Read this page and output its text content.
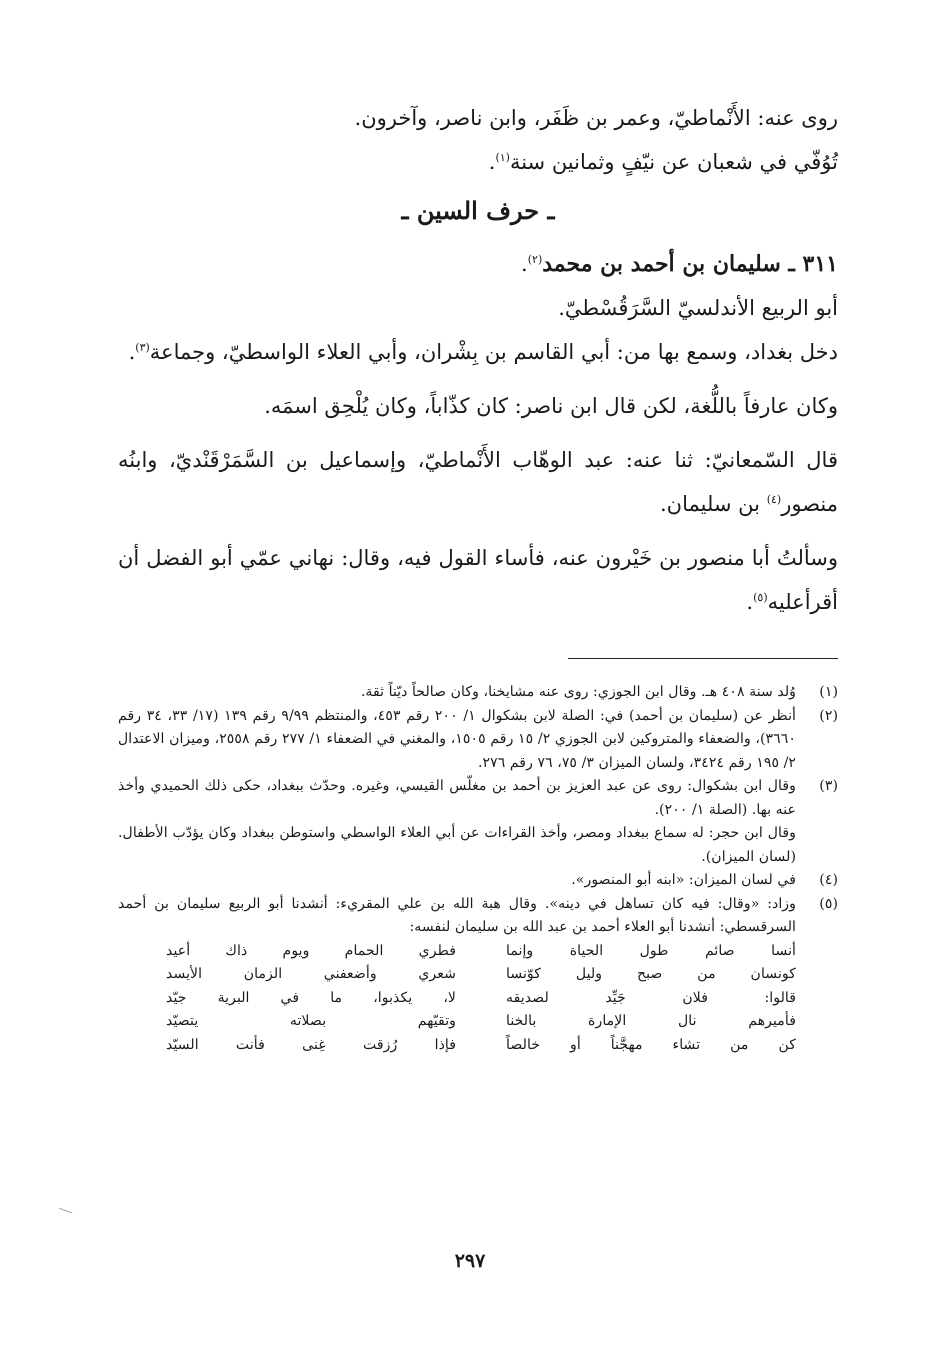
روى عنه: الأَنْماطيّ، وعمر بن ظَفَر، وابن ناصر، وآخرون.

تُوُفّي في شعبان عن نيّفٍ وثمانين سنة$^{(١)}$.

ـ حرف السين ـ

٣١١ ـ سليمان بن أحمد بن محمد$^{(٢)}$.

أبو الربيع الأندلسيّ السَّرَقُسْطيّ.

دخل بغداد، وسمع بها من: أبي القاسم بن بِشْران، وأبي العلاء الواسطيّ، وجماعة$^{(٣)}$.

وكان عارفاً باللُّغة، لكن قال ابن ناصر: كان كذّاباً، وكان يُلْحِق اسمَه.

قال السّمعانيّ: ثنا عنه: عبد الوهّاب الأَنْماطيّ، وإسماعيل بن السَّمَرْقَنْديّ، وابنُه منصور$^{(٤)}$ بن سليمان.

وسألتُ أبا منصور بن خَيْرون عنه، فأساء القول فيه، وقال: نهاني عمّي أبو الفضل أن أقرأعليه$^{(٥)}$.

(١)

وُلد سنة ٤٠٨ هـ. وقال ابن الجوزي: روى عنه مشايخنا، وكان صالحاً ديّناً ثقة.

(٢)

أنظر عن (سليمان بن أحمد) في: الصلة لابن بشكوال ١/ ٢٠٠ رقم ٤٥٣، والمنتظم ٩/٩٩ رقم ١٣٩ (١٧/ ٣٣، ٣٤ رقم ٣٦٦٠)، والضعفاء والمتروكين لابن الجوزي ٢/ ١٥ رقم ١٥٠٥، والمغني في الضعفاء ١/ ٢٧٧ رقم ٢٥٥٨، وميزان الاعتدال ٢/ ١٩٥ رقم ٣٤٢٤، ولسان الميزان ٣/ ٧٥، ٧٦ رقم ٢٧٦.

(٣)

وقال ابن بشكوال: روى عن عبد العزيز بن أحمد بن مغلّس القيسي، وغيره. وحدّث ببغداد، حكى ذلك الحميدي وأخذ عنه بها. (الصلة ١/ ٢٠٠).

وقال ابن حجر: له سماع ببغداد ومصر، وأخذ القراءات عن أبي العلاء الواسطي واستوطن ببغداد وكان يؤدّب الأطفال. (لسان الميزان).

(٤)

في لسان الميزان: «ابنه أبو المنصور».

(٥)

وزاد: «وقال: فيه كان تساهل في دينه». وقال هبة الله بن علي المقريء: أنشدنا أبو الربيع سليمان بن أحمد السرقسطي: أنشدنا أبو العلاء أحمد بن عبد الله بن سليمان لنفسه:

أنسا صائم طول الحياة وإنما
فطري الحمام ويوم ذاك أعيد
كونسان من صبح وليل كوّنسا
شعري وأضعفني الزمان الأيسد
قالوا: فلان جَيِّد لصديقه
لا، يكذبوا، ما في البرية جيّد
فأميرهم نال الإمارة بالخنا
وتقيّهم بصلاته يتصيّد
كن من تشاء مهجَّناً أو خالصاً
فإذا رُزقت غِنى فأنت السيّد
٢٩٧
